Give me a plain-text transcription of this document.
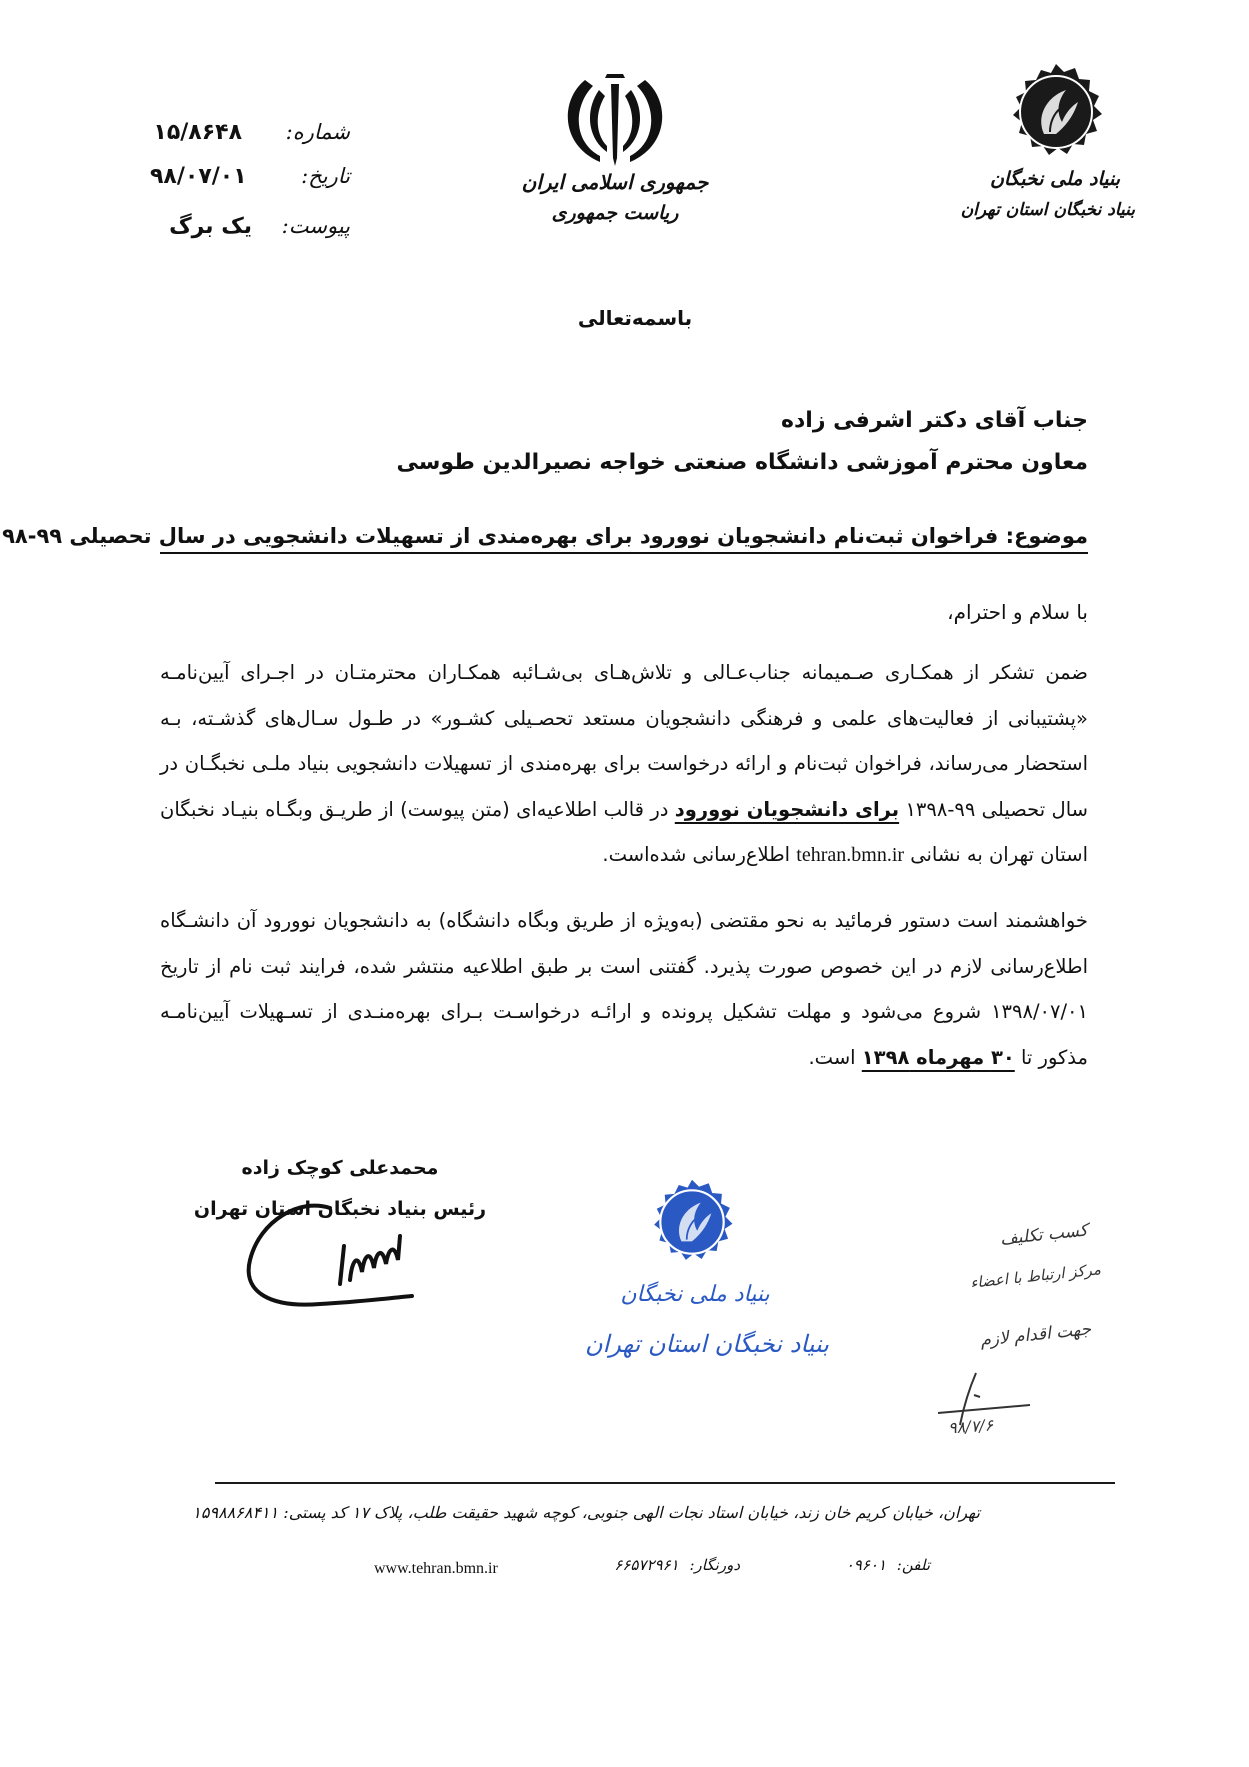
شماره:
۱۵/۸۶۴۸
تاریخ:
۹۸/۰۷/۰۱
پیوست:
یک برگ
جمهوری اسلامی ایران
ریاست جمهوری
بنیاد ملی نخبگان
بنیاد نخبگان استان تهران
باسمه‌تعالی
جناب آقای دکتر اشرفی زاده
معاون محترم آموزشی دانشگاه صنعتی خواجه نصیرالدین طوسی
موضوع: فراخوان ثبت‌نام دانشجویان نوورود برای بهره‌مندی از تسهیلات دانشجویی در سال تحصیلی ۹۹-۹۸
با سلام و احترام،
ضمن تشکر از همکـاری صـمیمانه جناب‌عـالی و تلاش‌هـای بی‌شـائبه همکـاران محترمتـان در اجـرای آیین‌نامـه «پشتیبانی از فعالیت‌های علمی و فرهنگی دانشجویان مستعد تحصـیلی کشـور» در طـول سـال‌های گذشـته، بـه استحضار می‌رساند، فراخوان ثبت‌نام و ارائه درخواست برای بهره‌مندی از تسهیلات دانشجویی بنیاد ملـی نخبگـان در سال تحصیلی ۹۹-۱۳۹۸ برای دانشجویان نوورود در قالب اطلاعیه‌ای (متن پیوست) از طریـق وبگـاه بنیـاد نخبگان استان تهران به نشانی tehran.bmn.ir اطلاع‌رسانی شده‌است.
خواهشمند است دستور فرمائید به نحو مقتضی (به‌ویژه از طریق وبگاه دانشگاه) به دانشجویان نوورود آن دانشـگاه اطلاع‌رسانی لازم در این خصوص صورت پذیرد. گفتنی است بر طبق اطلاعیه منتشر شده، فرایند ثبت نام از تاریخ ۱۳۹۸/۰۷/۰۱ شروع می‌شود و مهلت تشکیل پرونده و ارائـه درخواسـت بـرای بهره‌منـدی از تسـهیلات آیین‌نامـه مذکور تا ۳۰ مهرماه ۱۳۹۸ است.
محمدعلی کوچک زاده
رئیس بنیاد نخبگان استان تهران
بنیاد ملی نخبگان
بنیاد نخبگان استان تهران
کسب تکلیف
مرکز ارتباط با اعضاء
جهت اقدام لازم
۹۸/۷/۶
تهران، خیابان کریم خان زند، خیابان استاد نجات الهی جنوبی، کوچه شهید حقیقت طلب، پلاک ۱۷ کد پستی: ۱۵۹۸۸۶۸۴۱۱
تلفن: ۰۹۶۰۱
دورنگار: ۶۶۵۷۲۹۶۱
www.tehran.bmn.ir
